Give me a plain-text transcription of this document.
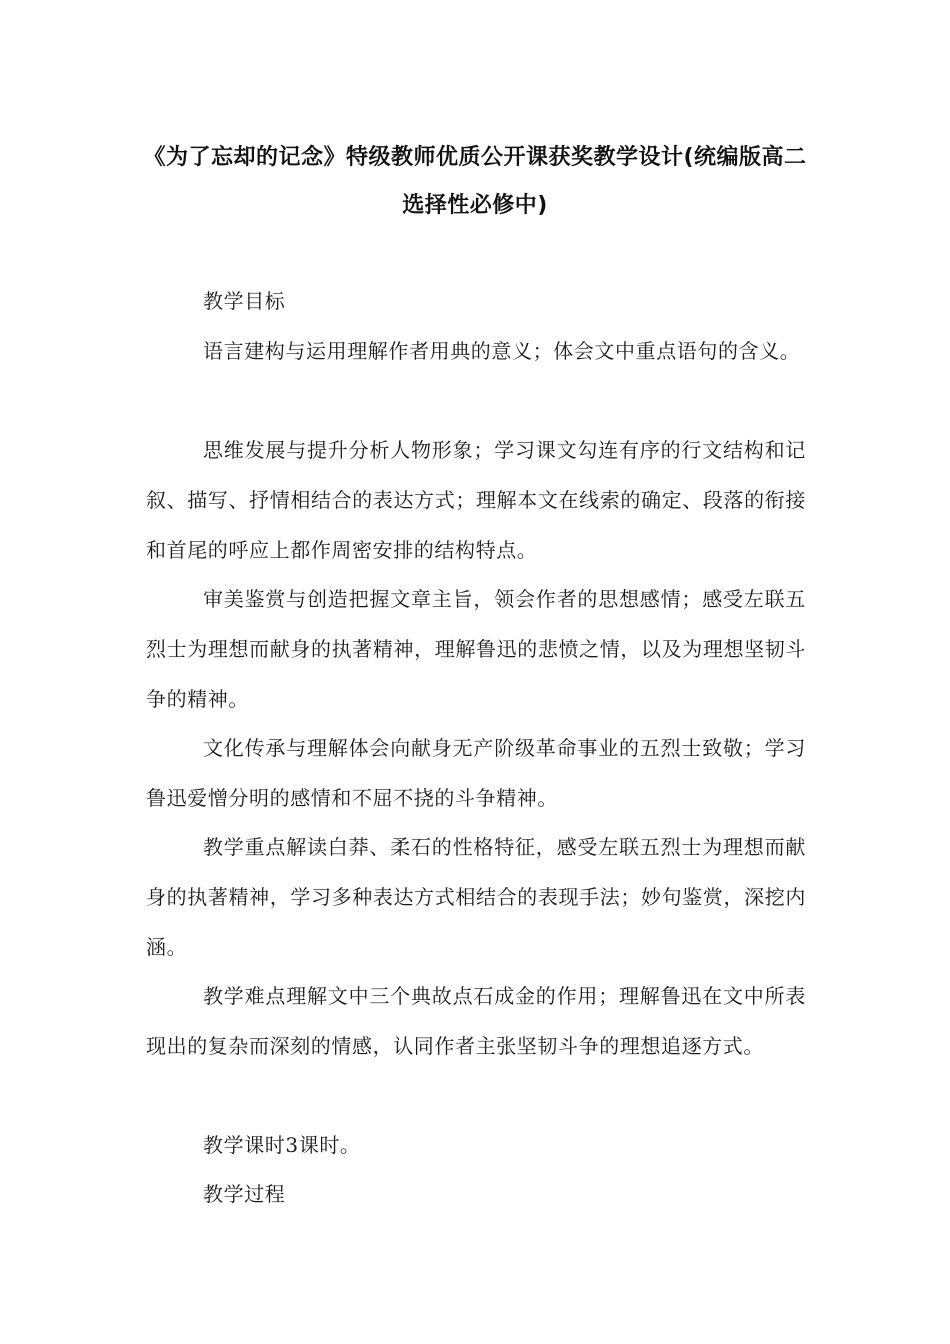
《为了忘却的记念》特级教师优质公开课获奖教学设计(统编版高二
选择性必修中)

教学目标

语言建构与运用理解作者用典的意义；体会文中重点语句的含义。

思维发展与提升分析人物形象；学习课文勾连有序的行文结构和记叙、描写、抒情相结合的表达方式；理解本文在线索的确定、段落的衔接和首尾的呼应上都作周密安排的结构特点。

审美鉴赏与创造把握文章主旨，领会作者的思想感情；感受左联五烈士为理想而献身的执著精神，理解鲁迅的悲愤之情，以及为理想坚韧斗争的精神。

文化传承与理解体会向献身无产阶级革命事业的五烈士致敬；学习鲁迅爱憎分明的感情和不屈不挠的斗争精神。

教学重点解读白莽、柔石的性格特征，感受左联五烈士为理想而献身的执著精神，学习多种表达方式相结合的表现手法；妙句鉴赏，深挖内涵。

教学难点理解文中三个典故点石成金的作用；理解鲁迅在文中所表现出的复杂而深刻的情感，认同作者主张坚韧斗争的理想追逐方式。

教学课时3课时。

教学过程
